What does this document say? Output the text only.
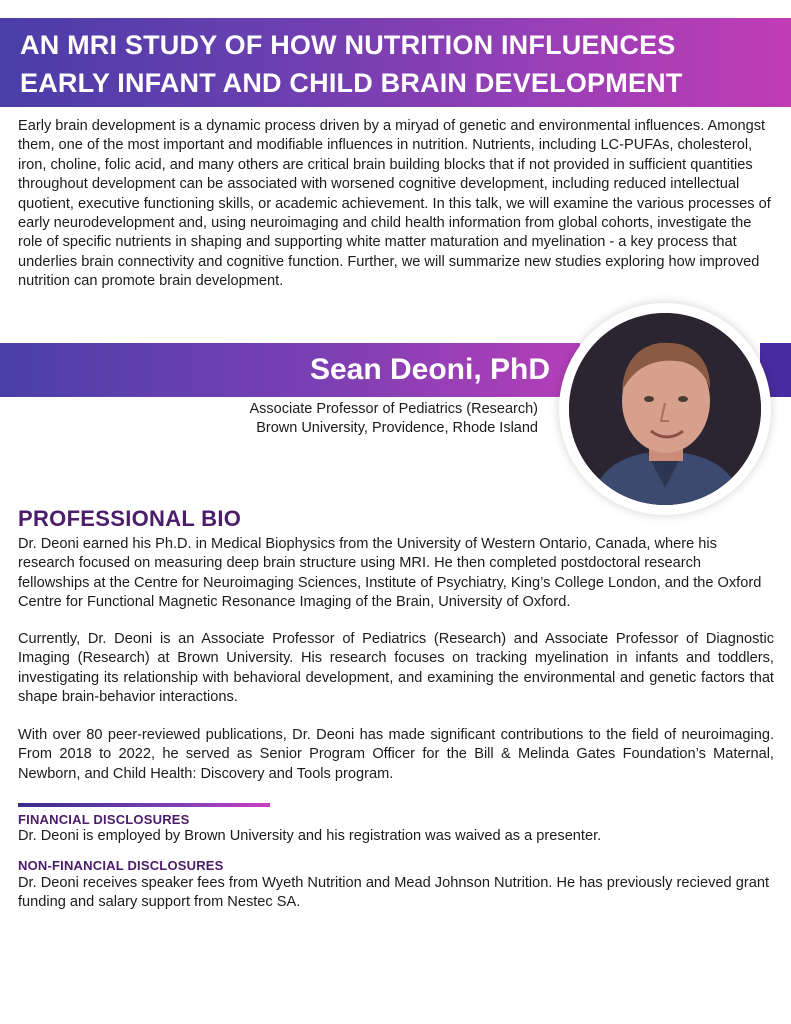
AN MRI STUDY OF HOW NUTRITION INFLUENCES
EARLY INFANT AND CHILD BRAIN DEVELOPMENT

Early brain development is a dynamic process driven by a miryad of genetic and environmental influences. Amongst them, one of the most important and modifiable influences in nutrition. Nutrients, including LC-PUFAs, cholesterol, iron, choline, folic acid, and many others are critical brain building blocks that if not provided in sufficient quantities throughout development can be associated with worsened cognitive development, including reduced intellectual quotient, executive functioning skills, or academic achievement. In this talk, we will examine the various processes of early neurodevelopment and, using neuroimaging and child health information from global cohorts, investigate the role of specific nutrients in shaping and supporting white matter maturation and myelination - a key process that underlies brain connectivity and cognitive function. Further, we will summarize new studies exploring how improved nutrition can promote brain development.

Sean Deoni, PhD
Associate Professor of Pediatrics (Research)
Brown University, Providence, Rhode Island
PROFESSIONAL BIO

Dr. Deoni earned his Ph.D. in Medical Biophysics from the University of Western Ontario, Canada, where his research focused on measuring deep brain structure using MRI. He then completed postdoctoral research fellowships at the Centre for Neuroimaging Sciences, Institute of Psychiatry, King’s College London, and the Oxford Centre for Functional Magnetic Resonance Imaging of the Brain, University of Oxford.

Currently, Dr. Deoni is an Associate Professor of Pediatrics (Research) and Associate Professor of Diagnostic Imaging (Research) at Brown University. His research focuses on tracking myelination in infants and toddlers, investigating its relationship with behavioral development, and examining the environmental and genetic factors that shape brain-behavior interactions.

With over 80 peer-reviewed publications, Dr. Deoni has made significant contributions to the field of neuroimaging. From 2018 to 2022, he served as Senior Program Officer for the Bill & Melinda Gates Foundation’s Maternal, Newborn, and Child Health: Discovery and Tools program.

FINANCIAL DISCLOSURES

Dr. Deoni is employed by Brown University and his registration was waived as a presenter.

NON-FINANCIAL DISCLOSURES

Dr. Deoni receives speaker fees from Wyeth Nutrition and Mead Johnson Nutrition. He has previously recieved grant funding and salary support from Nestec SA.
